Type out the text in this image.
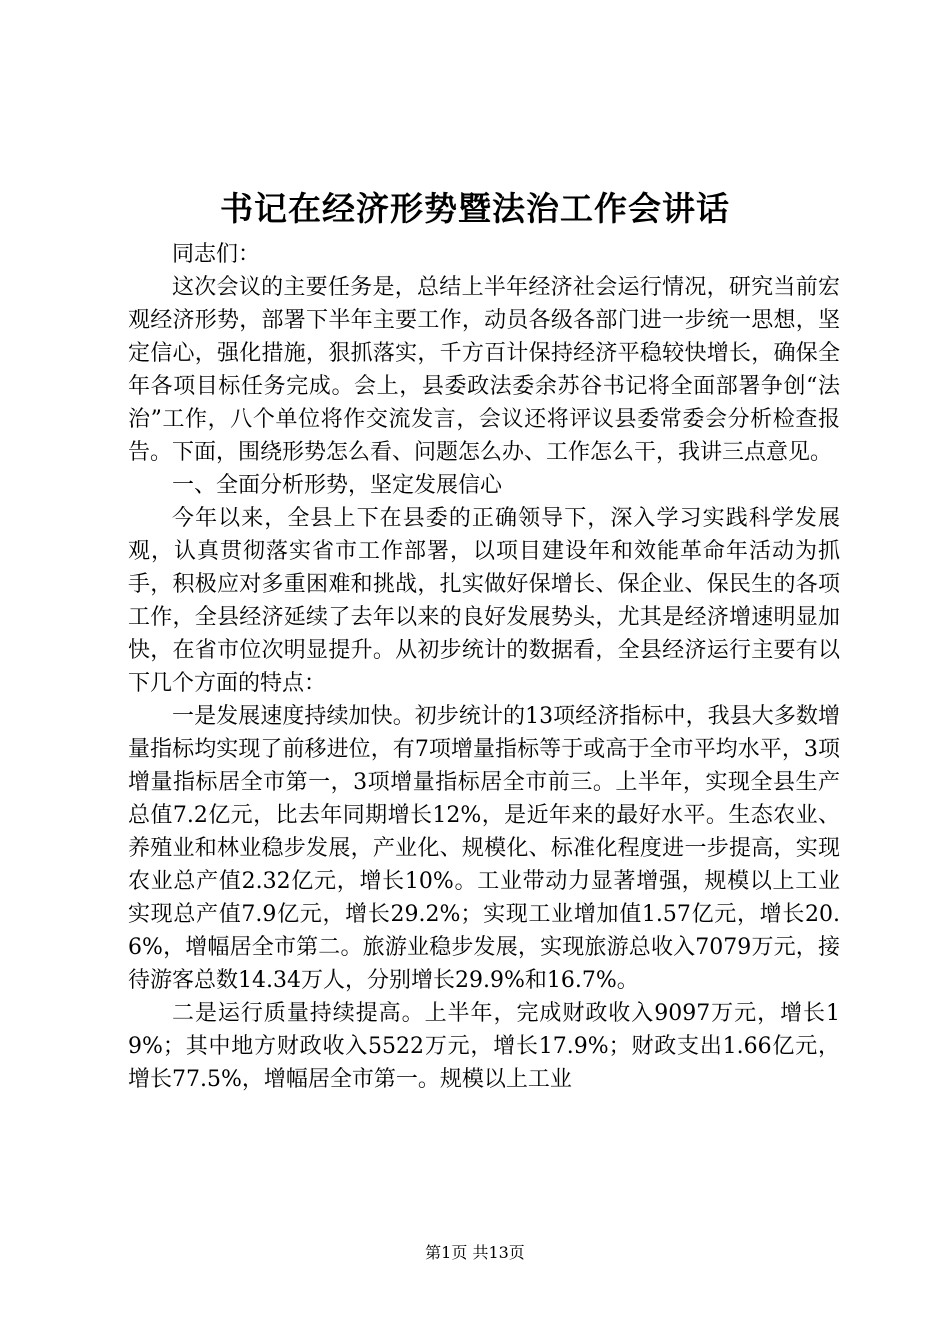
书记在经济形势暨法治工作会讲话

同志们：

这次会议的主要任务是，总结上半年经济社会运行情况，研究当前宏观经济形势，部署下半年主要工作，动员各级各部门进一步统一思想，坚定信心，强化措施，狠抓落实，千方百计保持经济平稳较快增长，确保全年各项目标任务完成。会上，县委政法委余苏谷书记将全面部署争创“法治”工作，八个单位将作交流发言，会议还将评议县委常委会分析检查报告。下面，围绕形势怎么看、问题怎么办、工作怎么干，我讲三点意见。

一、全面分析形势，坚定发展信心

今年以来，全县上下在县委的正确领导下，深入学习实践科学发展观，认真贯彻落实省市工作部署，以项目建设年和效能革命年活动为抓手，积极应对多重困难和挑战，扎实做好保增长、保企业、保民生的各项工作，全县经济延续了去年以来的良好发展势头，尤其是经济增速明显加快，在省市位次明显提升。从初步统计的数据看，全县经济运行主要有以下几个方面的特点：

一是发展速度持续加快。初步统计的13项经济指标中，我县大多数增量指标均实现了前移进位，有7项增量指标等于或高于全市平均水平，3项增量指标居全市第一，3项增量指标居全市前三。上半年，实现全县生产总值7.2亿元，比去年同期增长12%，是近年来的最好水平。生态农业、养殖业和林业稳步发展，产业化、规模化、标准化程度进一步提高，实现农业总产值2.32亿元，增长10%。工业带动力显著增强，规模以上工业实现总产值7.9亿元，增长29.2%；实现工业增加值1.57亿元，增长20.6%，增幅居全市第二。旅游业稳步发展，实现旅游总收入7079万元，接待游客总数14.34万人，分别增长29.9%和16.7%。

二是运行质量持续提高。上半年，完成财政收入9097万元，增长19%；其中地方财政收入5522万元，增长17.9%；财政支出1.66亿元，增长77.5%，增幅居全市第一。规模以上工业

第1页 共13页
